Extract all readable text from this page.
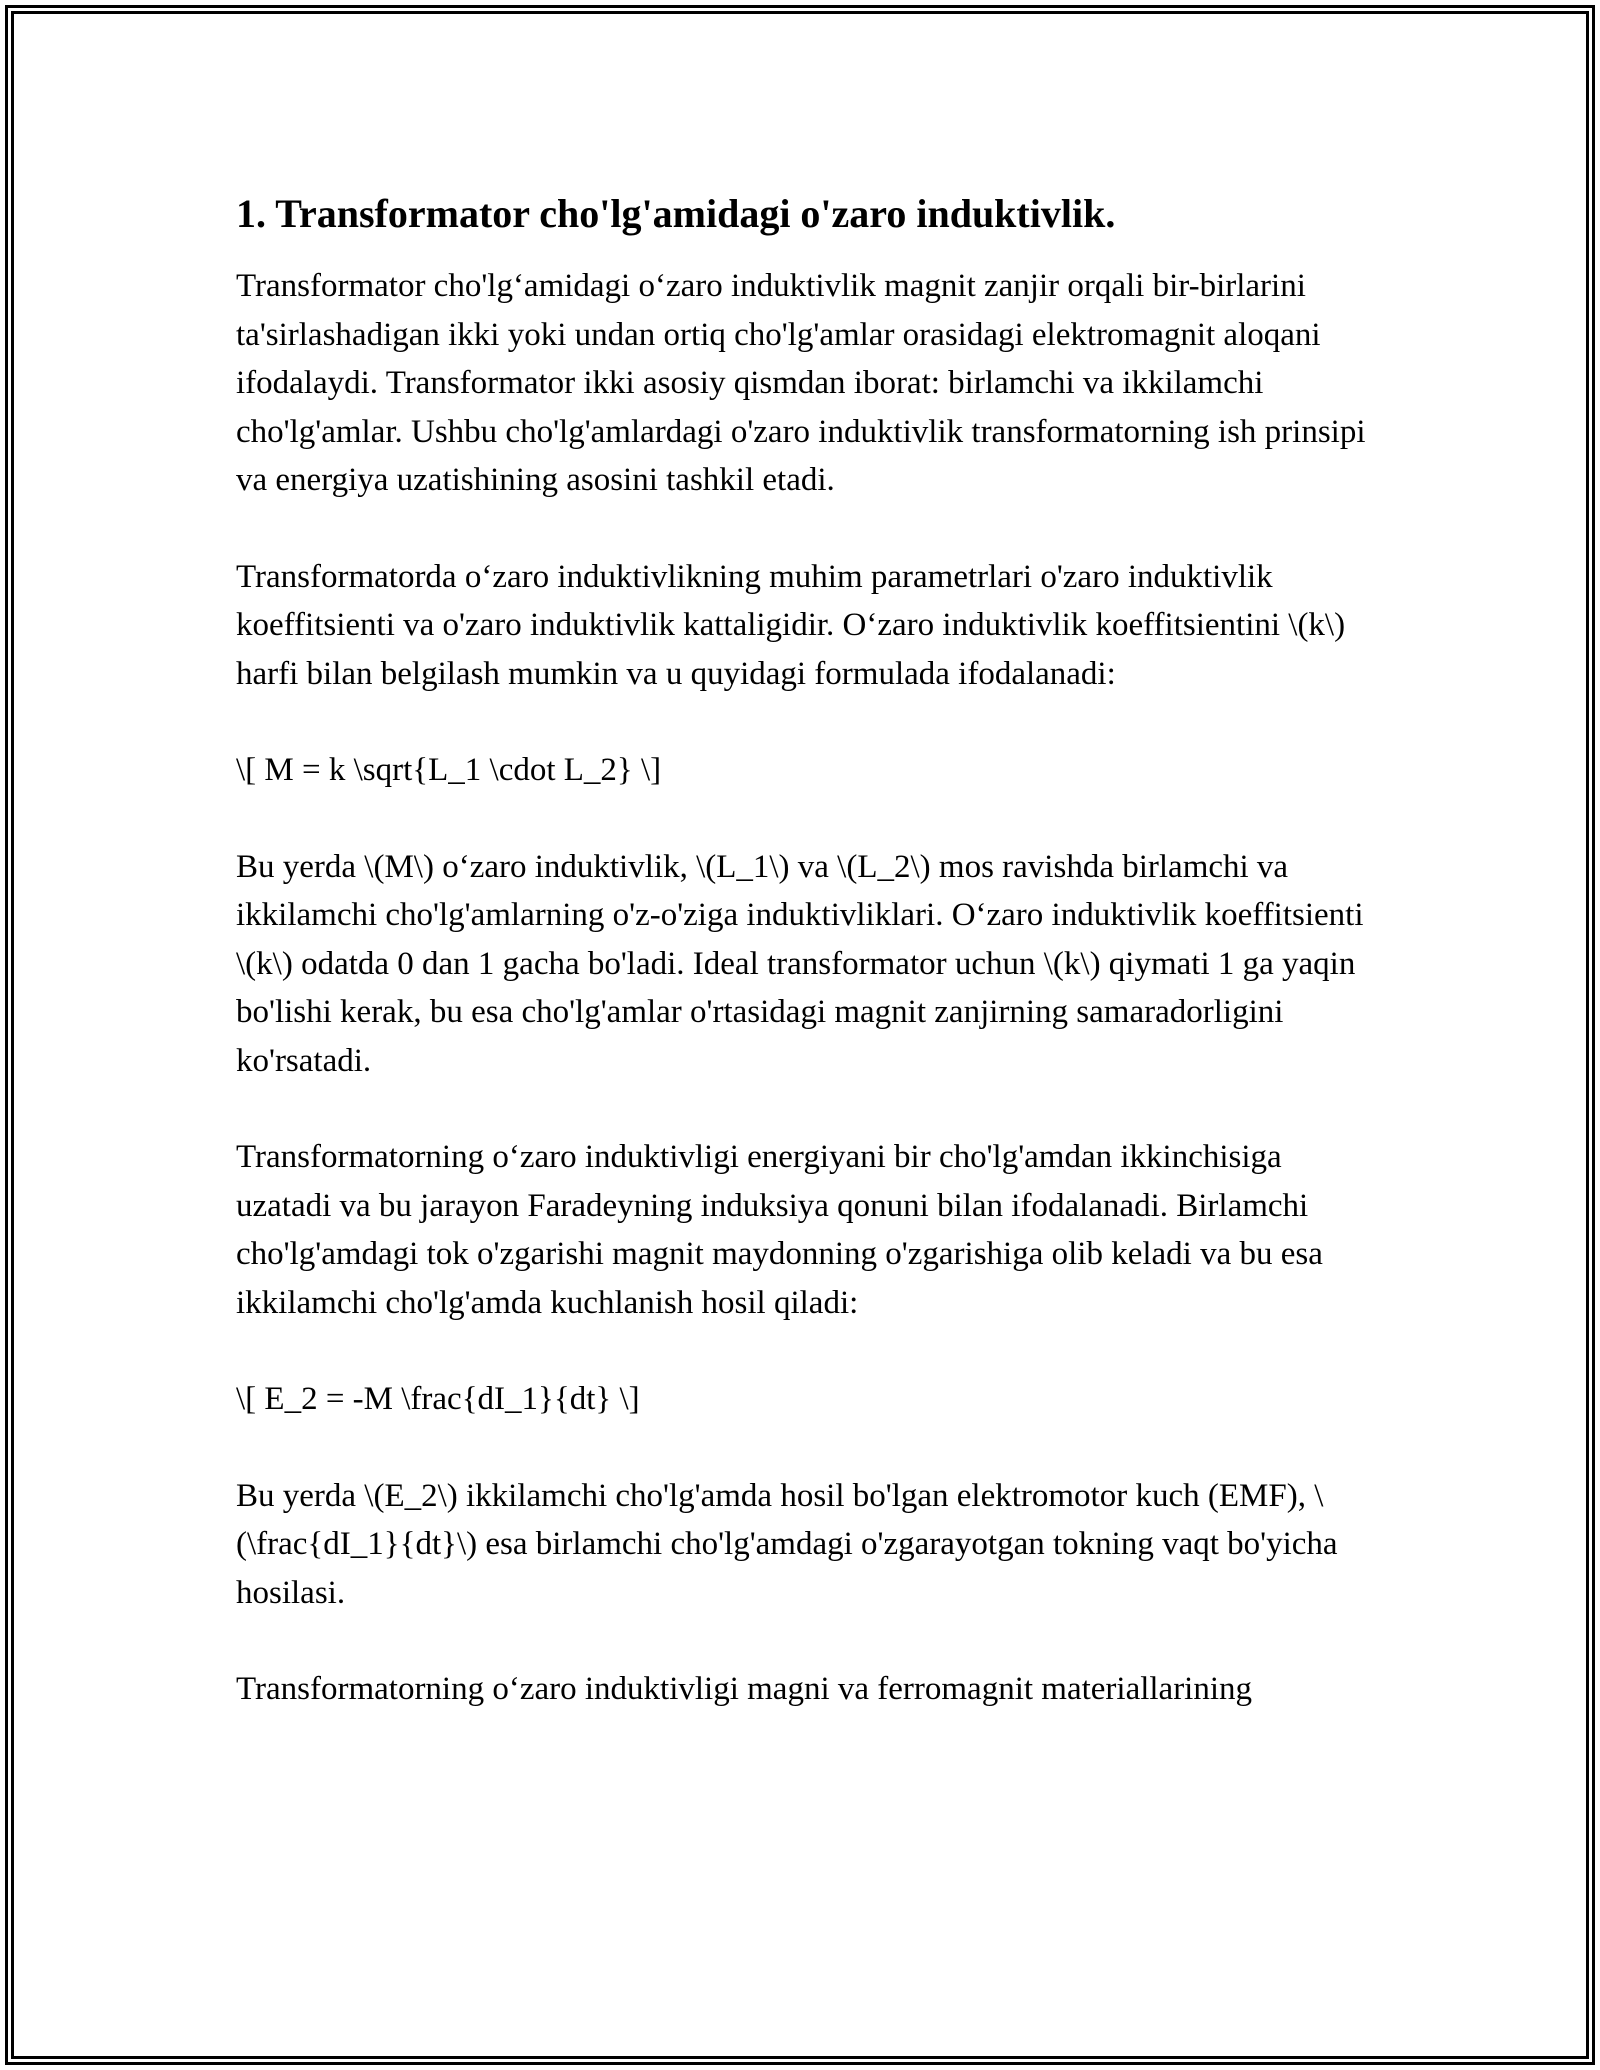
1. Transformator cho'lg'amidagi o'zaro induktivlik.

Transformator cho'lg‘amidagi o‘zaro induktivlik magnit zanjir orqali bir-birlarini ta'sirlashadigan ikki yoki undan ortiq cho'lg'amlar orasidagi elektromagnit aloqani ifodalaydi. Transformator ikki asosiy qismdan iborat: birlamchi va ikkilamchi cho'lg'amlar. Ushbu cho'lg'amlardagi o'zaro induktivlik transformatorning ish prinsipi va energiya uzatishining asosini tashkil etadi.

Transformatorda o‘zaro induktivlikning muhim parametrlari o'zaro induktivlik koeffitsienti va o'zaro induktivlik kattaligidir. O‘zaro induktivlik koeffitsientini \(k\) harfi bilan belgilash mumkin va u quyidagi formulada ifodalanadi:

\[ M = k \sqrt{L_1 \cdot L_2} \]

Bu yerda \(M\) o‘zaro induktivlik, \(L_1\) va \(L_2\) mos ravishda birlamchi va ikkilamchi cho'lg'amlarning o'z-o'ziga induktivliklari. O‘zaro induktivlik koeffitsienti \(k\) odatda 0 dan 1 gacha bo'ladi. Ideal transformator uchun \(k\) qiymati 1 ga yaqin bo'lishi kerak, bu esa cho'lg'amlar o'rtasidagi magnit zanjirning samaradorligini ko'rsatadi.

Transformatorning o‘zaro induktivligi energiyani bir cho'lg'amdan ikkinchisiga uzatadi va bu jarayon Faradeyning induksiya qonuni bilan ifodalanadi. Birlamchi cho'lg'amdagi tok o'zgarishi magnit maydonning o'zgarishiga olib keladi va bu esa ikkilamchi cho'lg'amda kuchlanish hosil qiladi:

\[ E_2 = -M \frac{dI_1}{dt} \]

Bu yerda \(E_2\) ikkilamchi cho'lg'amda hosil bo'lgan elektromotor kuch (EMF), \(\frac{dI_1}{dt}\) esa birlamchi cho'lg'amdagi o'zgarayotgan tokning vaqt bo'yicha hosilasi.

Transformatorning o‘zaro induktivligi magni va ferromagnit materiallarining
